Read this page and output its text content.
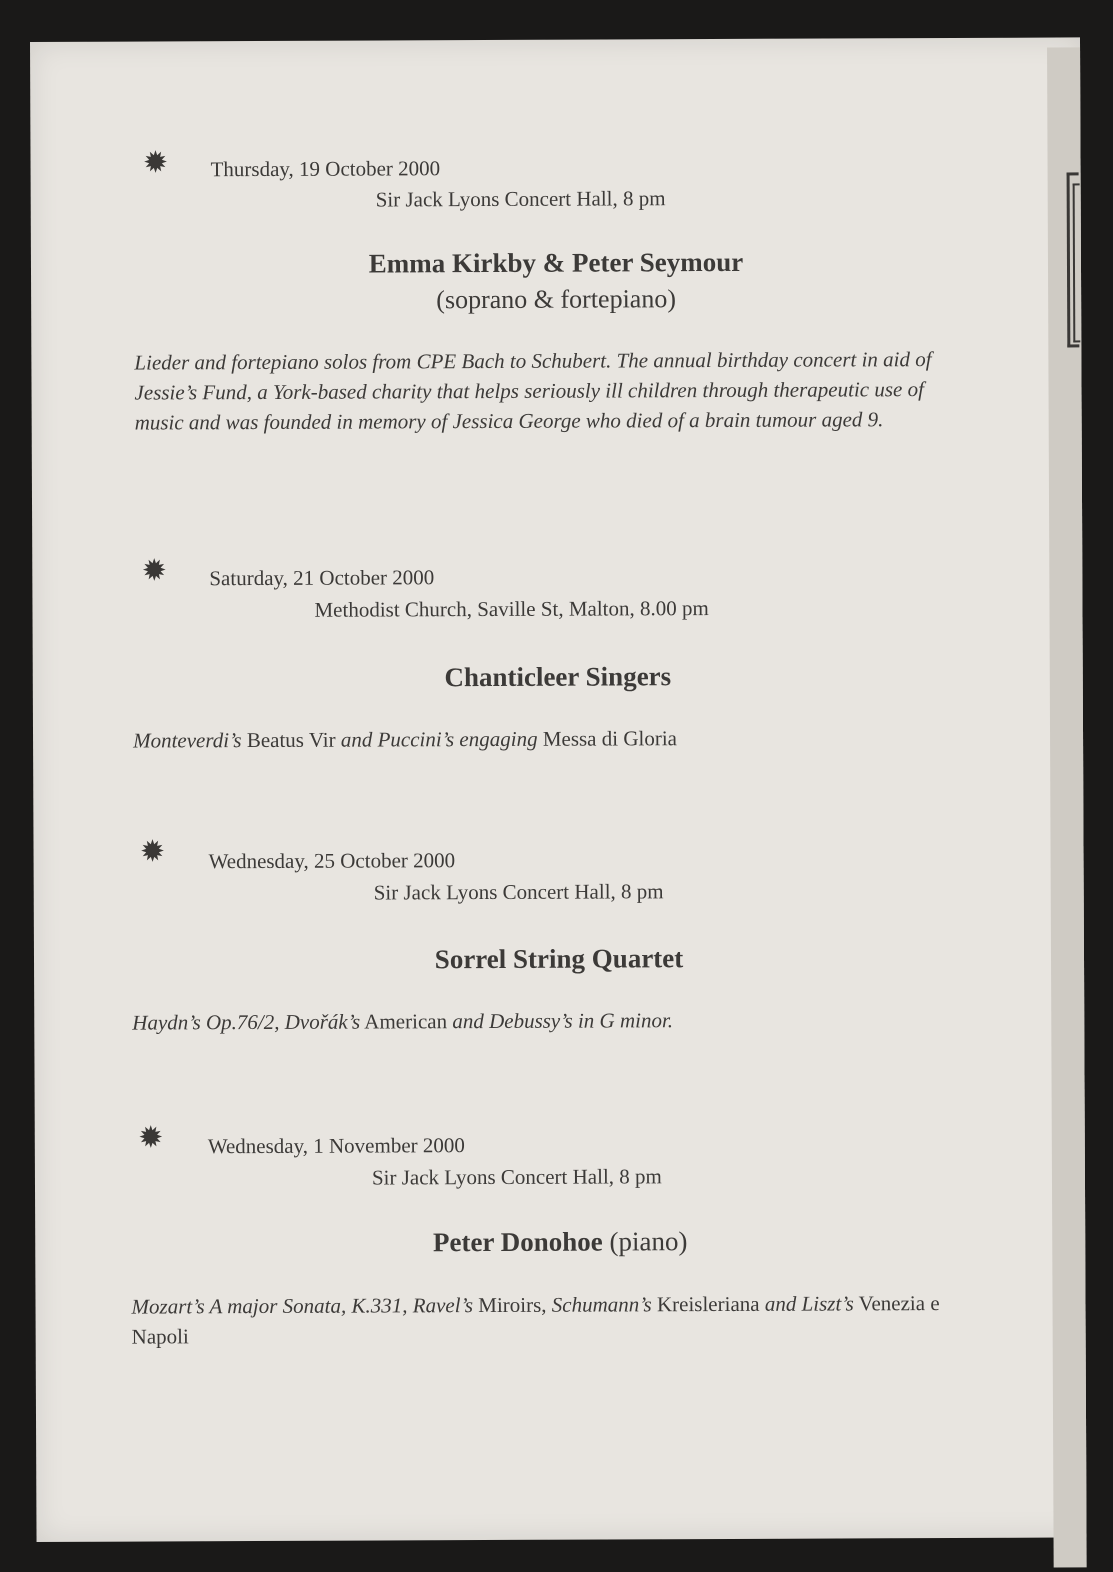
✹ Thursday, 19 October 2000
Sir Jack Lyons Concert Hall, 8 pm
Emma Kirkby & Peter Seymour
(soprano & fortepiano)
Lieder and fortepiano solos from CPE Bach to Schubert. The annual birthday concert in aid of Jessie’s Fund, a York-based charity that helps seriously ill children through therapeutic use of music and was founded in memory of Jessica George who died of a brain tumour aged 9.
✹ Saturday, 21 October 2000
Methodist Church, Saville St, Malton, 8.00 pm
Chanticleer Singers
Monteverdi’s Beatus Vir and Puccini’s engaging Messa di Gloria
✹ Wednesday, 25 October 2000
Sir Jack Lyons Concert Hall, 8 pm
Sorrel String Quartet
Haydn’s Op.76/2, Dvořák’s American and Debussy’s in G minor.
✹ Wednesday, 1 November 2000
Sir Jack Lyons Concert Hall, 8 pm
Peter Donohoe (piano)
Mozart’s A major Sonata, K.331, Ravel’s Miroirs, Schumann’s Kreisleriana and Liszt’s Venezia e Napoli
